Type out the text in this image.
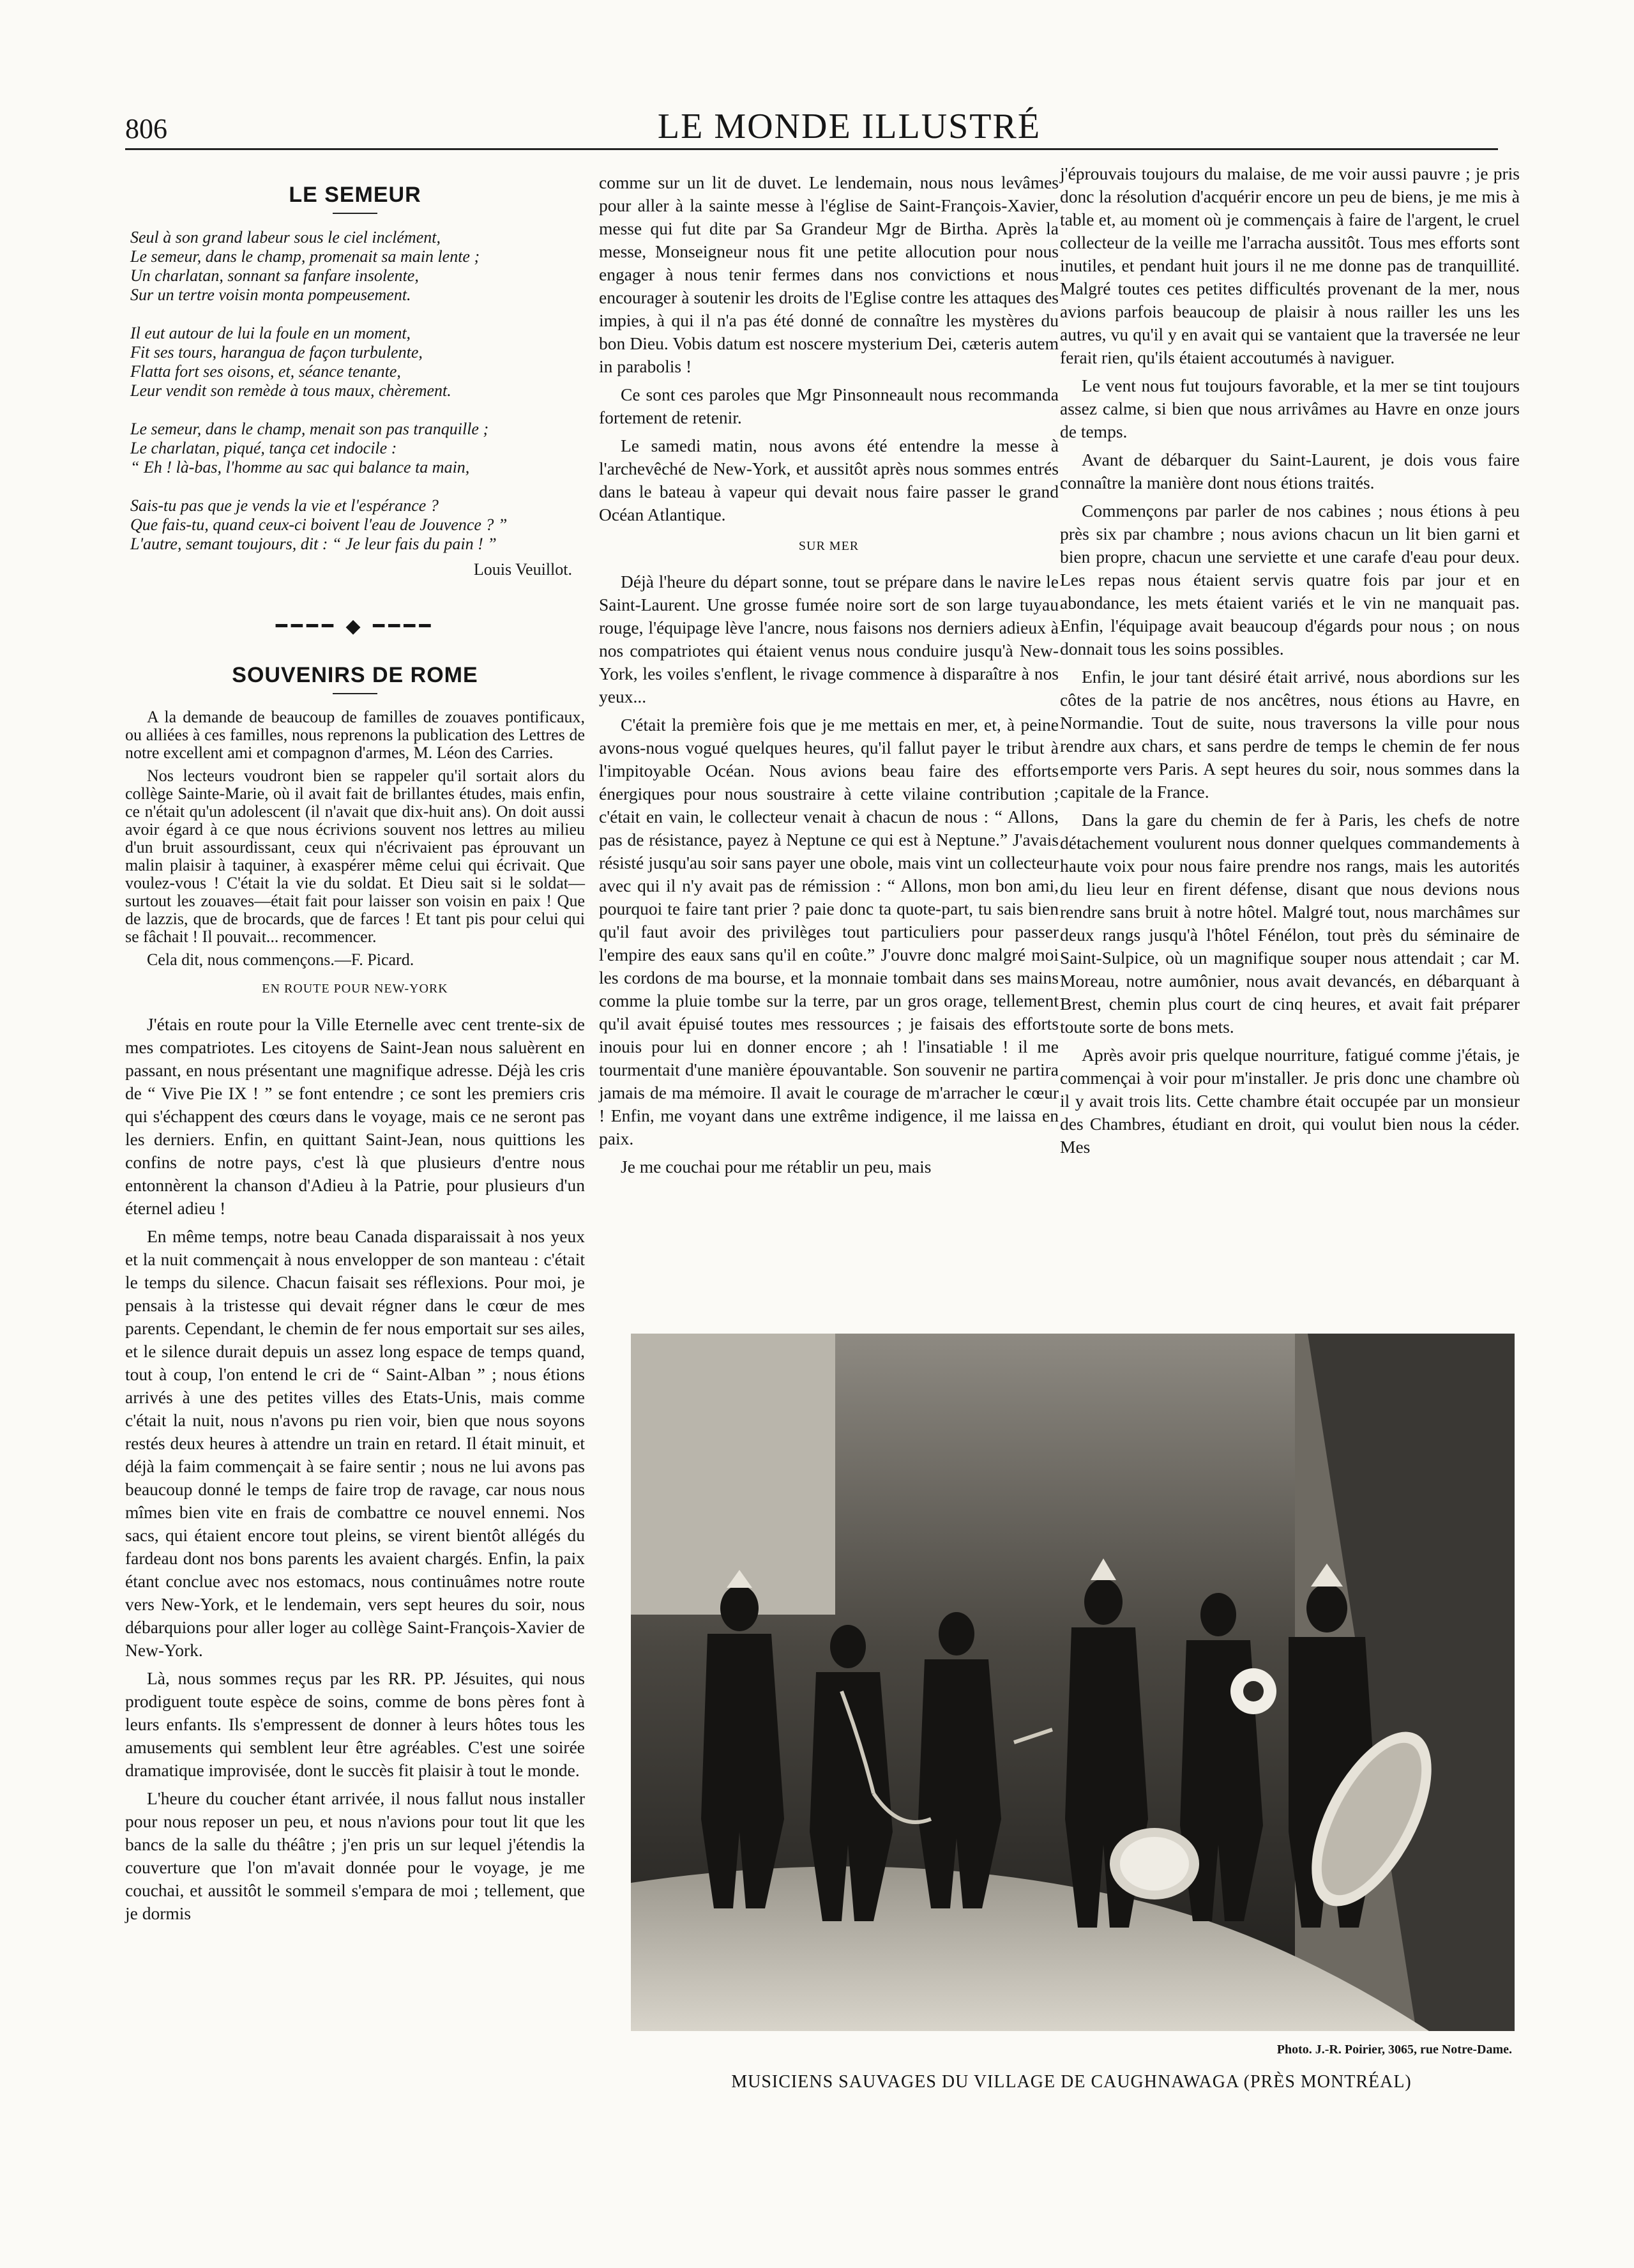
806	LE MONDE ILLUSTRÉ
LE SEMEUR
Seul à son grand labeur sous le ciel inclément,
Le semeur, dans le champ, promenait sa main lente ;
Un charlatan, sonnant sa fanfare insolente,
Sur un tertre voisin monta pompeusement.
Il eut autour de lui la foule en un moment,
Fit ses tours, harangua de façon turbulente,
Flatta fort ses oisons, et, séance tenante,
Leur vendit son remède à tous maux, chèrement.
Le semeur, dans le champ, menait son pas tranquille ;
Le charlatan, piqué, tança cet indocile :
“ Eh ! là-bas, l'homme au sac qui balance ta main,
Sais-tu pas que je vends la vie et l'espérance ?
Que fais-tu, quand ceux-ci boivent l'eau de Jouvence ? ”
L'autre, semant toujours, dit : “ Je leur fais du pain ! ”
Louis Veuillot.
━━━━ ◆ ━━━━
SOUVENIRS DE ROME

A la demande de beaucoup de familles de zouaves pontificaux, ou alliées à ces familles, nous reprenons la publication des Lettres de notre excellent ami et compagnon d'armes, M. Léon des Carries.

Nos lecteurs voudront bien se rappeler qu'il sortait alors du collège Sainte-Marie, où il avait fait de brillantes études, mais enfin, ce n'était qu'un adolescent (il n'avait que dix-huit ans). On doit aussi avoir égard à ce que nous écrivions souvent nos lettres au milieu d'un bruit assourdissant, ceux qui n'écrivaient pas éprouvant un malin plaisir à taquiner, à exaspérer même celui qui écrivait. Que voulez-vous ! C'était la vie du soldat. Et Dieu sait si le soldat—surtout les zouaves—était fait pour laisser son voisin en paix ! Que de lazzis, que de brocards, que de farces ! Et tant pis pour celui qui se fâchait ! Il pouvait... recommencer.

Cela dit, nous commençons.—F. Picard.

EN ROUTE POUR NEW-YORK

J'étais en route pour la Ville Eternelle avec cent trente-six de mes compatriotes. Les citoyens de Saint-Jean nous saluèrent en passant, en nous présentant une magnifique adresse. Déjà les cris de “ Vive Pie IX ! ” se font entendre ; ce sont les premiers cris qui s'échappent des cœurs dans le voyage, mais ce ne seront pas les derniers. Enfin, en quittant Saint-Jean, nous quittions les confins de notre pays, c'est là que plusieurs d'entre nous entonnèrent la chanson d'Adieu à la Patrie, pour plusieurs d'un éternel adieu !

En même temps, notre beau Canada disparaissait à nos yeux et la nuit commençait à nous envelopper de son manteau : c'était le temps du silence. Chacun faisait ses réflexions. Pour moi, je pensais à la tristesse qui devait régner dans le cœur de mes parents. Cependant, le chemin de fer nous emportait sur ses ailes, et le silence durait depuis un assez long espace de temps quand, tout à coup, l'on entend le cri de “ Saint-Alban ” ; nous étions arrivés à une des petites villes des Etats-Unis, mais comme c'était la nuit, nous n'avons pu rien voir, bien que nous soyons restés deux heures à attendre un train en retard. Il était minuit, et déjà la faim commençait à se faire sentir ; nous ne lui avons pas beaucoup donné le temps de faire trop de ravage, car nous nous mîmes bien vite en frais de combattre ce nouvel ennemi. Nos sacs, qui étaient encore tout pleins, se virent bientôt allégés du fardeau dont nos bons parents les avaient chargés. Enfin, la paix étant conclue avec nos estomacs, nous continuâmes notre route vers New-York, et le lendemain, vers sept heures du soir, nous débarquions pour aller loger au collège Saint-François-Xavier de New-York.

Là, nous sommes reçus par les RR. PP. Jésuites, qui nous prodiguent toute espèce de soins, comme de bons pères font à leurs enfants. Ils s'empressent de donner à leurs hôtes tous les amusements qui semblent leur être agréables. C'est une soirée dramatique improvisée, dont le succès fit plaisir à tout le monde.

L'heure du coucher étant arrivée, il nous fallut nous installer pour nous reposer un peu, et nous n'avions pour tout lit que les bancs de la salle du théâtre ; j'en pris un sur lequel j'étendis la couverture que l'on m'avait donnée pour le voyage, je me couchai, et aussitôt le sommeil s'empara de moi ; tellement, que je dormis

comme sur un lit de duvet. Le lendemain, nous nous levâmes pour aller à la sainte messe à l'église de Saint-François-Xavier, messe qui fut dite par Sa Grandeur Mgr de Birtha. Après la messe, Monseigneur nous fit une petite allocution pour nous engager à nous tenir fermes dans nos convictions et nous encourager à soutenir les droits de l'Eglise contre les attaques des impies, à qui il n'a pas été donné de connaître les mystères du bon Dieu. Vobis datum est noscere mysterium Dei, cæteris autem in parabolis !

Ce sont ces paroles que Mgr Pinsonneault nous recommanda fortement de retenir.

Le samedi matin, nous avons été entendre la messe à l'archevêché de New-York, et aussitôt après nous sommes entrés dans le bateau à vapeur qui devait nous faire passer le grand Océan Atlantique.

SUR MER

Déjà l'heure du départ sonne, tout se prépare dans le navire le Saint-Laurent. Une grosse fumée noire sort de son large tuyau rouge, l'équipage lève l'ancre, nous faisons nos derniers adieux à nos compatriotes qui étaient venus nous conduire jusqu'à New-York, les voiles s'enflent, le rivage commence à disparaître à nos yeux...

C'était la première fois que je me mettais en mer, et, à peine avons-nous vogué quelques heures, qu'il fallut payer le tribut à l'impitoyable Océan. Nous avions beau faire des efforts énergiques pour nous soustraire à cette vilaine contribution ; c'était en vain, le collecteur venait à chacun de nous : “ Allons, pas de résistance, payez à Neptune ce qui est à Neptune.” J'avais résisté jusqu'au soir sans payer une obole, mais vint un collecteur avec qui il n'y avait pas de rémission : “ Allons, mon bon ami, pourquoi te faire tant prier ? paie donc ta quote-part, tu sais bien qu'il faut avoir des privilèges tout particuliers pour passer l'empire des eaux sans qu'il en coûte.” J'ouvre donc malgré moi les cordons de ma bourse, et la monnaie tombait dans ses mains comme la pluie tombe sur la terre, par un gros orage, tellement qu'il avait épuisé toutes mes ressources ; je faisais des efforts inouis pour lui en donner encore ; ah ! l'insatiable ! il me tourmentait d'une manière épouvantable. Son souvenir ne partira jamais de ma mémoire. Il avait le courage de m'arracher le cœur ! Enfin, me voyant dans une extrême indigence, il me laissa en paix.

Je me couchai pour me rétablir un peu, mais

j'éprouvais toujours du malaise, de me voir aussi pauvre ; je pris donc la résolution d'acquérir encore un peu de biens, je me mis à table et, au moment où je commençais à faire de l'argent, le cruel collecteur de la veille me l'arracha aussitôt. Tous mes efforts sont inutiles, et pendant huit jours il ne me donne pas de tranquillité. Malgré toutes ces petites difficultés provenant de la mer, nous avions parfois beaucoup de plaisir à nous railler les uns les autres, vu qu'il y en avait qui se vantaient que la traversée ne leur ferait rien, qu'ils étaient accoutumés à naviguer.

Le vent nous fut toujours favorable, et la mer se tint toujours assez calme, si bien que nous arrivâmes au Havre en onze jours de temps.

Avant de débarquer du Saint-Laurent, je dois vous faire connaître la manière dont nous étions traités.

Commençons par parler de nos cabines ; nous étions à peu près six par chambre ; nous avions chacun un lit bien garni et bien propre, chacun une serviette et une carafe d'eau pour deux. Les repas nous étaient servis quatre fois par jour et en abondance, les mets étaient variés et le vin ne manquait pas. Enfin, l'équipage avait beaucoup d'égards pour nous ; on nous donnait tous les soins possibles.

Enfin, le jour tant désiré était arrivé, nous abordions sur les côtes de la patrie de nos ancêtres, nous étions au Havre, en Normandie. Tout de suite, nous traversons la ville pour nous rendre aux chars, et sans perdre de temps le chemin de fer nous emporte vers Paris. A sept heures du soir, nous sommes dans la capitale de la France.

Dans la gare du chemin de fer à Paris, les chefs de notre détachement voulurent nous donner quelques commandements à haute voix pour nous faire prendre nos rangs, mais les autorités du lieu leur en firent défense, disant que nous devions nous rendre sans bruit à notre hôtel. Malgré tout, nous marchâmes sur deux rangs jusqu'à l'hôtel Fénélon, tout près du séminaire de Saint-Sulpice, où un magnifique souper nous attendait ; car M. Moreau, notre aumônier, nous avait devancés, en débarquant à Brest, chemin plus court de cinq heures, et avait fait préparer toute sorte de bons mets.

Après avoir pris quelque nourriture, fatigué comme j'étais, je commençai à voir pour m'installer. Je pris donc une chambre où il y avait trois lits. Cette chambre était occupée par un monsieur des Chambres, étudiant en droit, qui voulut bien nous la céder. Mes

Photo. J.-R. Poirier, 3065, rue Notre-Dame.
MUSICIENS SAUVAGES DU VILLAGE DE CAUGHNAWAGA (PRÈS MONTRÉAL)
